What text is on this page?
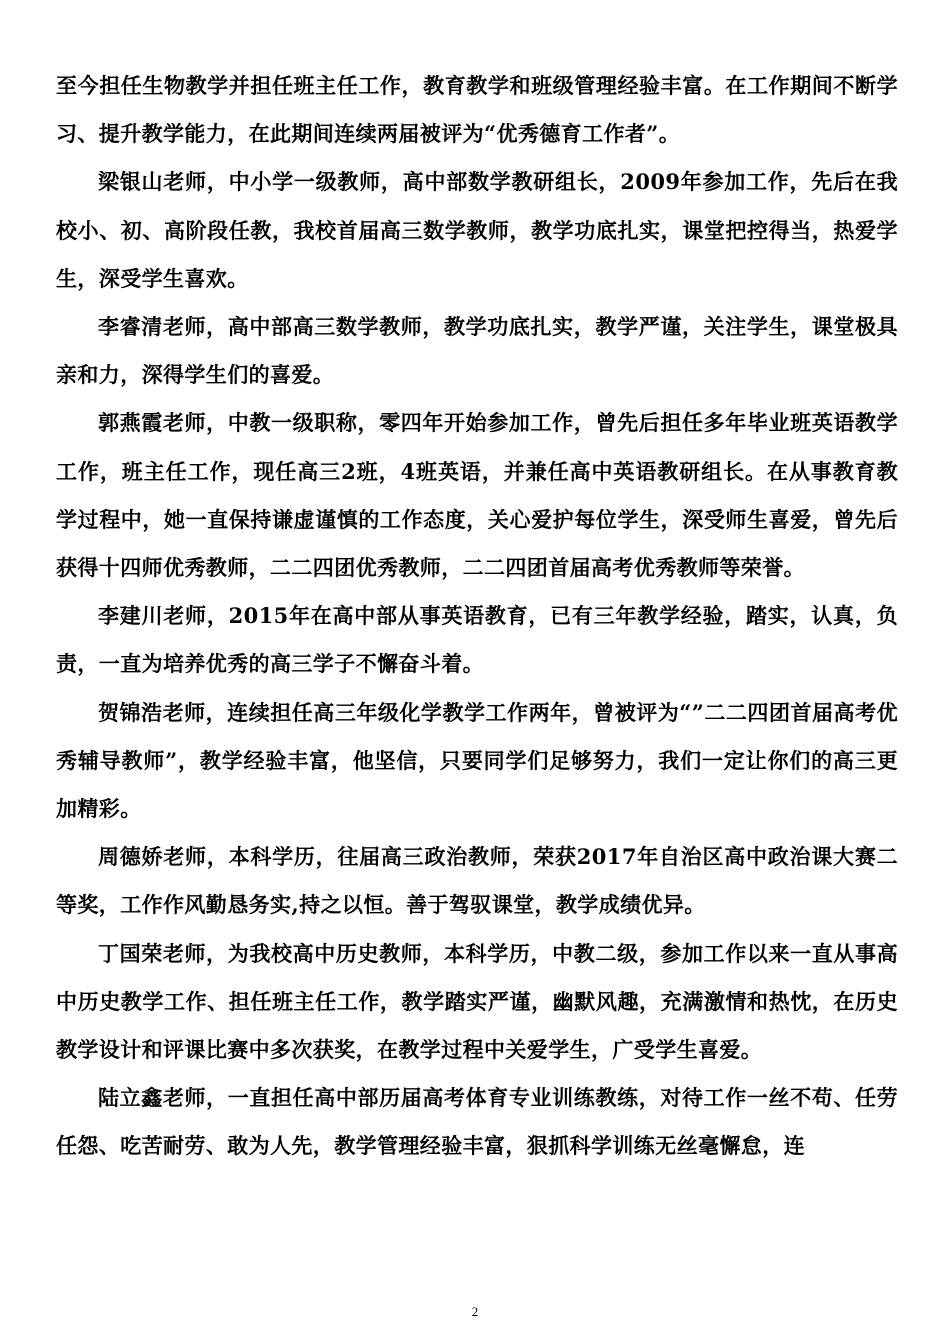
至今担任生物教学并担任班主任工作，教育教学和班级管理经验丰富。在工作期间不断学习、提升教学能力，在此期间连续两届被评为“优秀德育工作者”。

梁银山老师，中小学一级教师，高中部数学教研组长，2009年参加工作，先后在我校小、初、高阶段任教，我校首届高三数学教师，教学功底扎实，课堂把控得当，热爱学生，深受学生喜欢。

李睿清老师，高中部高三数学教师，教学功底扎实，教学严谨，关注学生，课堂极具亲和力，深得学生们的喜爱。

郭燕霞老师，中教一级职称，零四年开始参加工作，曾先后担任多年毕业班英语教学工作，班主任工作，现任高三2班，4班英语，并兼任高中英语教研组长。在从事教育教学过程中，她一直保持谦虚谨慎的工作态度，关心爱护每位学生，深受师生喜爱，曾先后获得十四师优秀教师，二二四团优秀教师，二二四团首届高考优秀教师等荣誉。

李建川老师，2015年在高中部从事英语教育，已有三年教学经验，踏实，认真，负责，一直为培养优秀的高三学子不懈奋斗着。

贺锦浩老师，连续担任高三年级化学教学工作两年，曾被评为“”二二四团首届高考优秀辅导教师”，教学经验丰富，他坚信，只要同学们足够努力，我们一定让你们的高三更加精彩。

周德娇老师，本科学历，往届高三政治教师，荣获2017年自治区高中政治课大赛二等奖，工作作风勤恳务实,持之以恒。善于驾驭课堂，教学成绩优异。

丁国荣老师，为我校高中历史教师，本科学历，中教二级，参加工作以来一直从事高中历史教学工作、担任班主任工作，教学踏实严谨，幽默风趣，充满激情和热忱，在历史教学设计和评课比赛中多次获奖，在教学过程中关爱学生，广受学生喜爱。

陆立鑫老师，一直担任高中部历届高考体育专业训练教练，对待工作一丝不苟、任劳任怨、吃苦耐劳、敢为人先，教学管理经验丰富，狠抓科学训练无丝毫懈怠，连

2
